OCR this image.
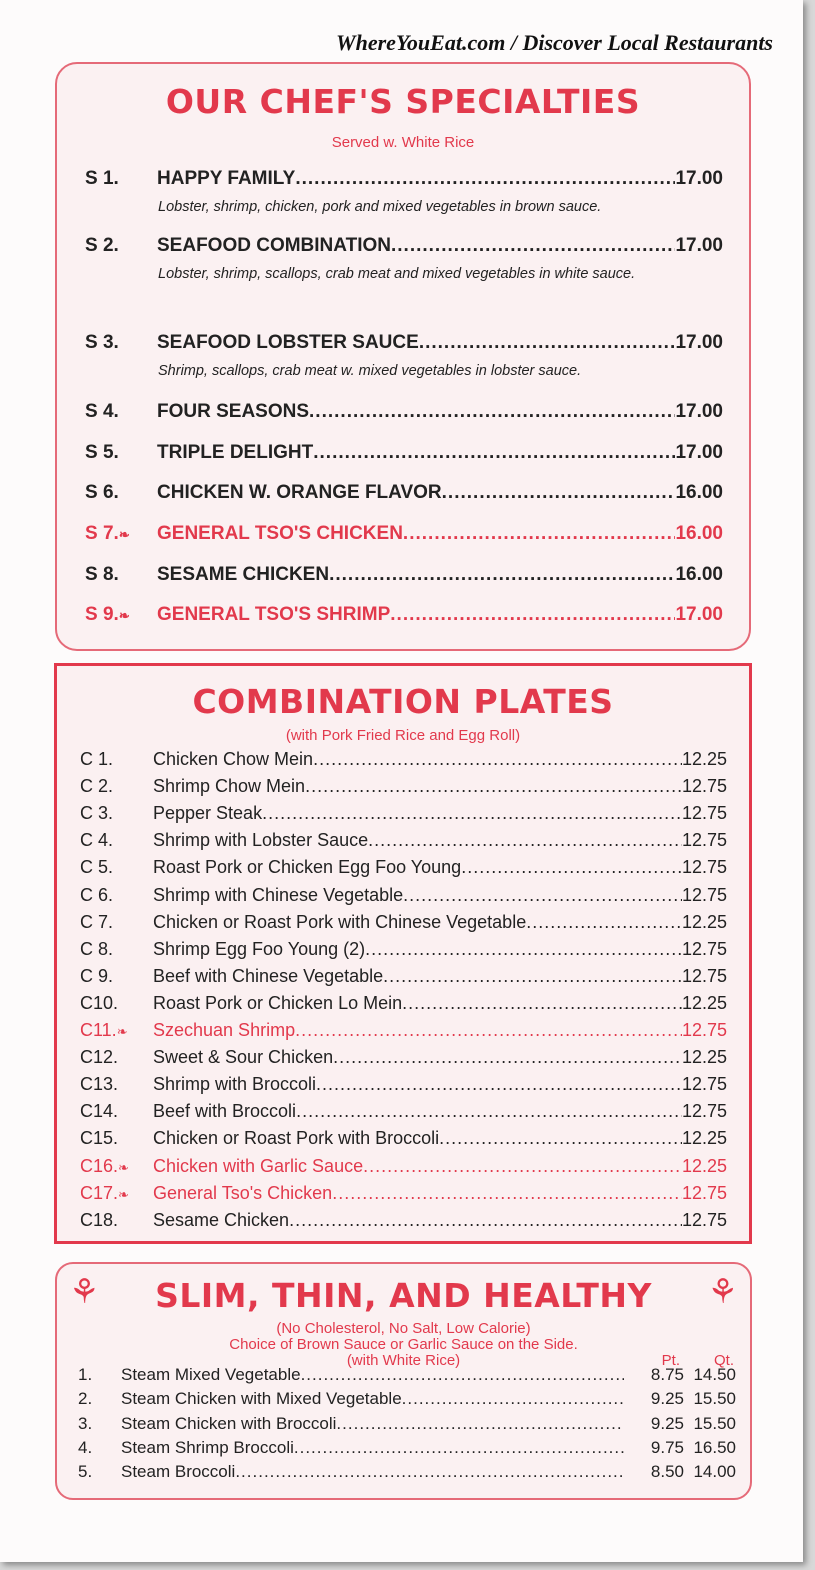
WhereYouEat.com / Discover Local Restaurants
OUR CHEF'S SPECIALTIES
Served w. White Rice
S 1.	HAPPY FAMILY .....	17.00
Lobster, shrimp, chicken, pork and mixed vegetables in brown sauce.
S 2.	SEAFOOD COMBINATION .....	17.00
Lobster, shrimp, scallops, crab meat and mixed vegetables in white sauce.
S 3.	SEAFOOD LOBSTER SAUCE .....	17.00
Shrimp, scallops, crab meat w. mixed vegetables in lobster sauce.
S 4.	FOUR SEASONS .....	17.00
S 5.	TRIPLE DELIGHT .....	17.00
S 6.	CHICKEN W. ORANGE FLAVOR .....	16.00
S 7.❧	GENERAL TSO'S CHICKEN .....	16.00
S 8.	SESAME CHICKEN .....	16.00
S 9.❧	GENERAL TSO'S SHRIMP .....	17.00
COMBINATION PLATES
(with Pork Fried Rice and Egg Roll)
C 1.	Chicken Chow Mein .....	12.25
C 2.	Shrimp Chow Mein .....	12.75
C 3.	Pepper Steak .....	12.75
C 4.	Shrimp with Lobster Sauce .....	12.75
C 5.	Roast Pork or Chicken Egg Foo Young .....	12.75
C 6.	Shrimp with Chinese Vegetable .....	12.75
C 7.	Chicken or Roast Pork with Chinese Vegetable .....	12.25
C 8.	Shrimp Egg Foo Young (2) .....	12.75
C 9.	Beef with Chinese Vegetable .....	12.75
C10.	Roast Pork or Chicken Lo Mein .....	12.25
C11.❧	Szechuan Shrimp .....	12.75
C12.	Sweet & Sour Chicken .....	12.25
C13.	Shrimp with Broccoli .....	12.75
C14.	Beef with Broccoli .....	12.75
C15.	Chicken or Roast Pork with Broccoli .....	12.25
C16.❧	Chicken with Garlic Sauce .....	12.25
C17.❧	General Tso's Chicken .....	12.75
C18.	Sesame Chicken .....	12.75
⚘	⚘
SLIM, THIN, AND HEALTHY
(No Cholesterol, No Salt, Low Calorie)
Choice of Brown Sauce or Garlic Sauce on the Side.
(with White Rice)	Pt. Qt.
1.	Steam Mixed Vegetable .....	8.75 14.50
2.	Steam Chicken with Mixed Vegetable .....	9.25 15.50
3.	Steam Chicken with Broccoli .....	9.25 15.50
4.	Steam Shrimp Broccoli .....	9.75 16.50
5.	Steam Broccoli .....	8.50 14.00
